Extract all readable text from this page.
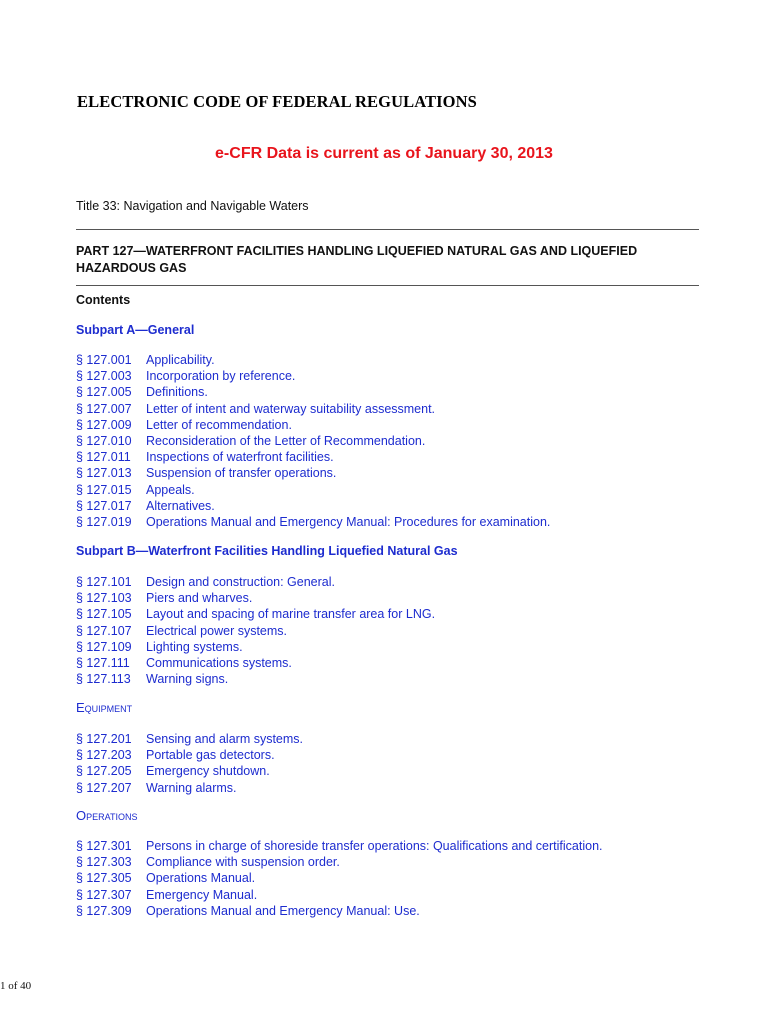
ELECTRONIC CODE OF FEDERAL REGULATIONS

e-CFR Data is current as of January 30, 2013

Title 33: Navigation and Navigable Waters
PART 127—WATERFRONT FACILITIES HANDLING LIQUEFIED NATURAL GAS AND LIQUEFIED HAZARDOUS GAS
Contents
Subpart A—General
§ 127.001 Applicability.
§ 127.003 Incorporation by reference.
§ 127.005 Definitions.
§ 127.007 Letter of intent and waterway suitability assessment.
§ 127.009 Letter of recommendation.
§ 127.010 Reconsideration of the Letter of Recommendation.
§ 127.011 Inspections of waterfront facilities.
§ 127.013 Suspension of transfer operations.
§ 127.015 Appeals.
§ 127.017 Alternatives.
§ 127.019 Operations Manual and Emergency Manual: Procedures for examination.
Subpart B—Waterfront Facilities Handling Liquefied Natural Gas
§ 127.101 Design and construction: General.
§ 127.103 Piers and wharves.
§ 127.105 Layout and spacing of marine transfer area for LNG.
§ 127.107 Electrical power systems.
§ 127.109 Lighting systems.
§ 127.111 Communications systems.
§ 127.113 Warning signs.
Equipment
§ 127.201 Sensing and alarm systems.
§ 127.203 Portable gas detectors.
§ 127.205 Emergency shutdown.
§ 127.207 Warning alarms.
Operations
§ 127.301 Persons in charge of shoreside transfer operations: Qualifications and certification.
§ 127.303 Compliance with suspension order.
§ 127.305 Operations Manual.
§ 127.307 Emergency Manual.
§ 127.309 Operations Manual and Emergency Manual: Use.
1 of 40
